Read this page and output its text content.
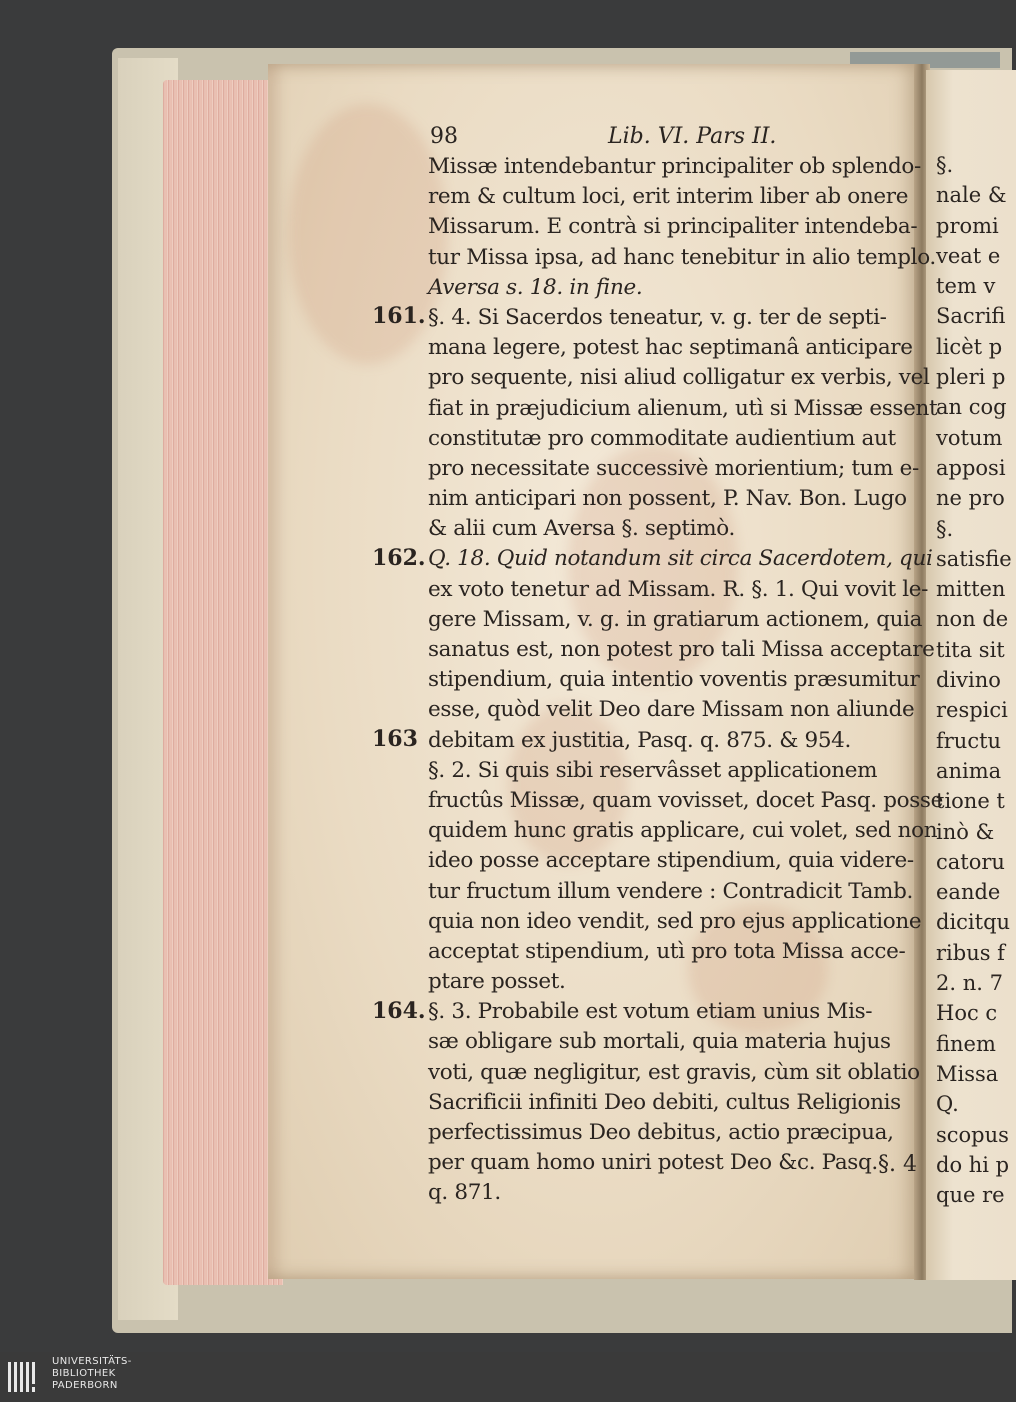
98	Lib. VI. Pars II.
Missæ intendebantur principaliter ob splendo-
rem & cultum loci, erit interim liber ab onere
Missarum. E contrà si principaliter intendeba-
tur Missa ipsa, ad hanc tenebitur in alio templo.
Aversa s. 18. in fine.
§. 4. Si Sacerdos teneatur, v. g. ter de septi-
mana legere, potest hac septimanâ anticipare
pro sequente, nisi aliud colligatur ex verbis, vel
fiat in præjudicium alienum, utì si Missæ essent
constitutæ pro commoditate audientium aut
pro necessitate successivè morientium; tum e-
nim anticipari non possent, P. Nav. Bon. Lugo
& alii cum Aversa §. septimò.
Q. 18. Quid notandum sit circa Sacerdotem, qui
ex voto tenetur ad Missam. R. §. 1. Qui vovit le-
gere Missam, v. g. in gratiarum actionem, quia
sanatus est, non potest pro tali Missa acceptare
stipendium, quia intentio voventis præsumitur
esse, quòd velit Deo dare Missam non aliunde
debitam ex justitia, Pasq. q. 875. & 954.
§. 2. Si quis sibi reservâsset applicationem
fructûs Missæ, quam vovisset, docet Pasq. posse
quidem hunc gratis applicare, cui volet, sed non
ideo posse acceptare stipendium, quia videre-
tur fructum illum vendere : Contradicit Tamb.
quia non ideo vendit, sed pro ejus applicatione
acceptat stipendium, utì pro tota Missa acce-
ptare posset.
§. 3. Probabile est votum etiam unius Mis-
sæ obligare sub mortali, quia materia hujus
voti, quæ negligitur, est gravis, cùm sit oblatio
Sacrificii infiniti Deo debiti, cultus Religionis
perfectissimus Deo debitus, actio præcipua,
per quam homo uniri potest Deo &c. Pasq.
q. 871.
161.
162.
163
164.
§. 4
§.
nale &
promi
veat e
tem v
Sacrifi
licèt p
pleri p
an cog
votum
apposi
ne pro
§.
satisfie
mitten
non de
tita sit
divino
respici
fructu
anima
tione t
inò &
catoru
eande
dicitqu
ribus f
2. n. 7
Hoc c
finem
Missa
Q.
scopus
do hi p
que re
UNIVERSITÄTS-
BIBLIOTHEK
PADERBORN
